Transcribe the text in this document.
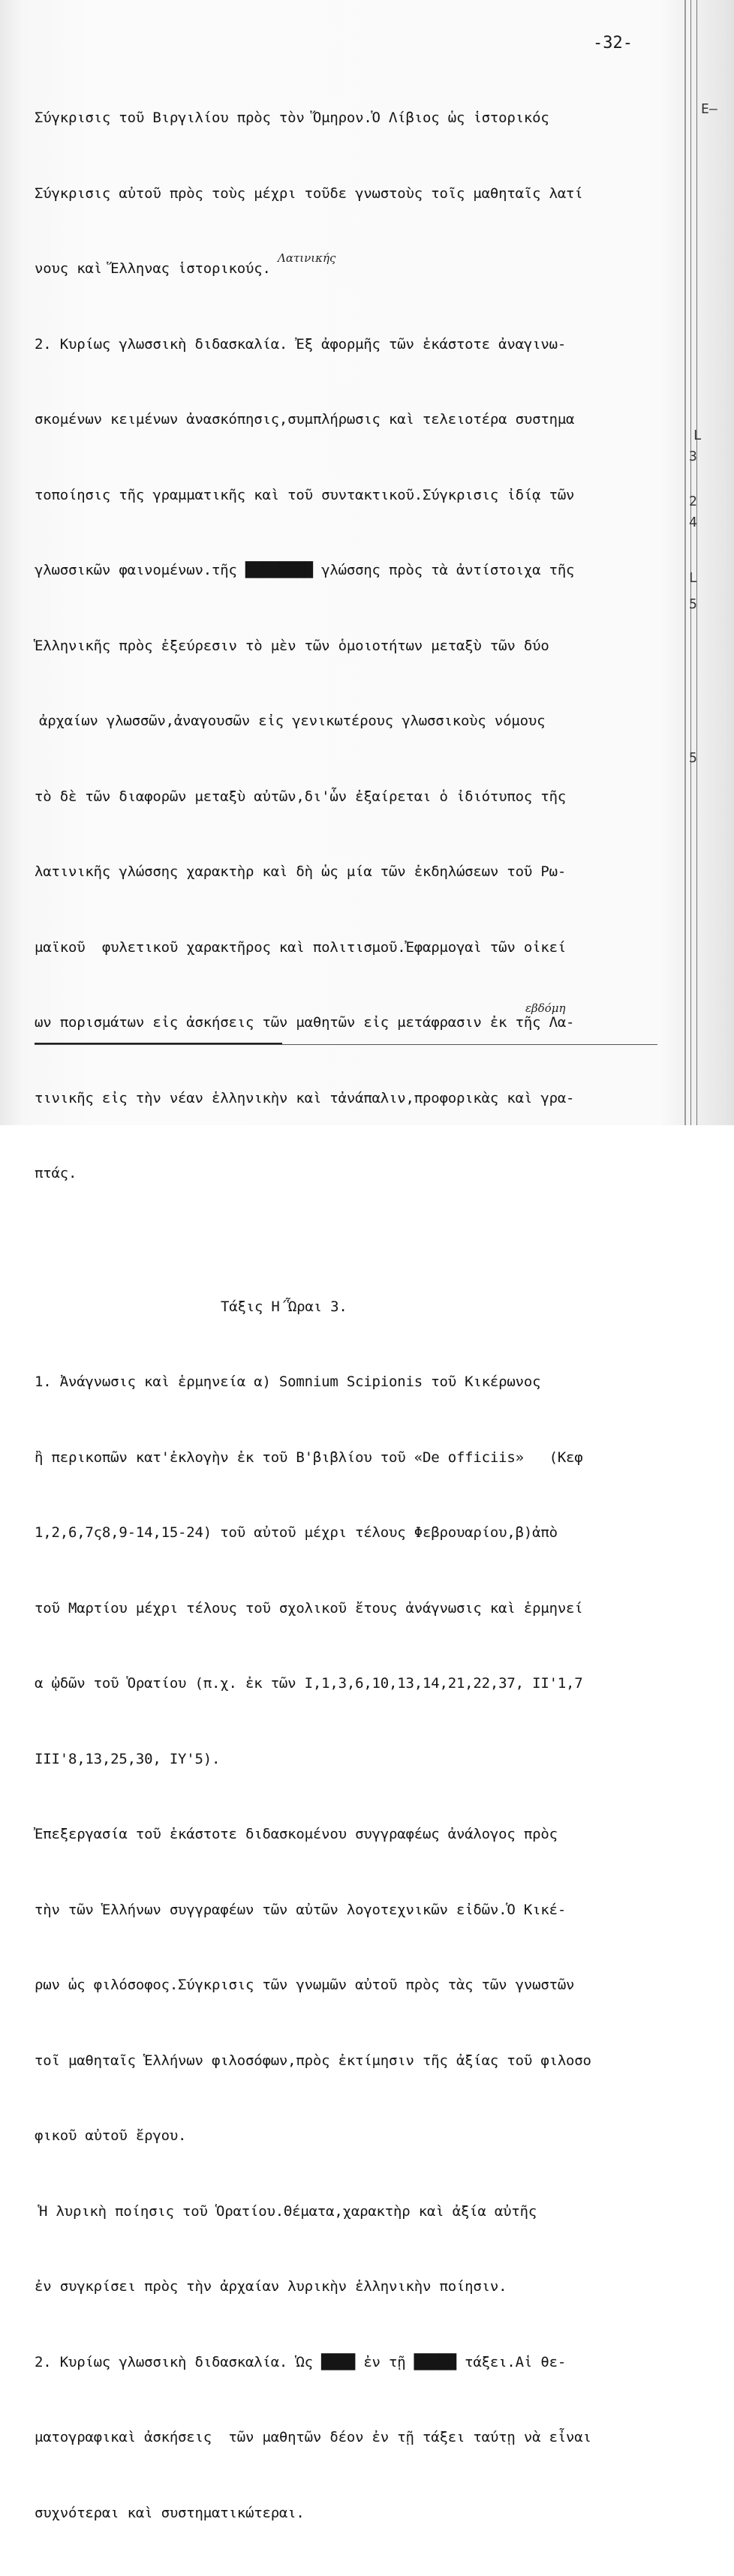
Ε—
L
3
2
4
L
5
5
-32-
Λατινικής
εβδόμη

Σύγκρισις τοῦ Βιργιλίου πρὸς τὸν Ὅμηρον.Ὁ Λίβιος ὡς ἱστορικός

Σύγκρισις αὐτοῦ πρὸς τοὺς μέχρι τοῦδε γνωστοὺς τοῖς μαθηταῖς λατί

νους καὶ Ἕλληνας ἱστορικούς.

2. Κυρίως γλωσσικὴ διδασκαλία. Ἐξ ἀφορμῆς τῶν ἑκάστοτε ἀναγινω-

σκομένων κειμένων ἀνασκόπησις,συμπλήρωσις καὶ τελειοτέρα συστημα

τοποίησις τῆς γραμματικῆς καὶ τοῦ συντακτικοῦ.Σύγκρισις ἰδίᾳ τῶν

γλωσσικῶν φαινομένων.τῆς ████████ γλώσσης πρὸς τὰ ἀντίστοιχα τῆς

Ἑλληνικῆς πρὸς ἐξεύρεσιν τὸ μὲν τῶν ὁμοιοτήτων μεταξὺ τῶν δύο

ἀρχαίων γλωσσῶν,ἀναγουσῶν εἰς γενικωτέρους γλωσσικοὺς νόμους

τὸ δὲ τῶν διαφορῶν μεταξὺ αὐτῶν,δι'ὧν ἐξαίρεται ὁ ἰδιότυπος τῆς

λατινικῆς γλώσσης χαρακτὴρ καὶ δὴ ὡς μία τῶν ἐκδηλώσεων τοῦ Ρω-

μαϊκοῦ  φυλετικοῦ χαρακτῆρος καὶ πολιτισμοῦ.Ἐφαρμογαὶ τῶν οἰκεί

ων πορισμάτων εἰς ἀσκήσεις τῶν μαθητῶν εἰς μετάφρασιν ἐκ τῆς Λα-

τινικῆς εἰς τὴν νέαν ἑλληνικὴν καὶ τἀνάπαλιν,προφορικὰς καὶ γρα-

πτάς.

Τάξις Η΄Ὧραι 3.

1. Ἀνάγνωσις καὶ ἑρμηνεία α) Somnium Scipionis τοῦ Κικέρωνος

ἢ περικοπῶν κατ'ἐκλογὴν ἐκ τοῦ Β'βιβλίου τοῦ «De officiis»   (Κεφ

1,2,6,7ς8,9-14,15-24) τοῦ αὐτοῦ μέχρι τέλους Φεβρουαρίου,β)ἀπὸ

τοῦ Μαρτίου μέχρι τέλους τοῦ σχολικοῦ ἔτους ἀνάγνωσις καὶ ἑρμηνεί

α ᾠδῶν τοῦ Ὁρατίου (π.χ. ἐκ τῶν Ι,1,3,6,10,13,14,21,22,37, ΙΙ'1,7

ΙΙΙ'8,13,25,30, ΙΥ'5).

Ἐπεξεργασία τοῦ ἑκάστοτε διδασκομένου συγγραφέως ἀνάλογος πρὸς

τὴν τῶν Ἑλλήνων συγγραφέων τῶν αὐτῶν λογοτεχνικῶν εἰδῶν.Ὁ Κικέ-

ρων ὡς φιλόσοφος.Σύγκρισις τῶν γνωμῶν αὐτοῦ πρὸς τὰς τῶν γνωστῶν

τοῖ μαθηταῖς Ἑλλήνων φιλοσόφων,πρὸς ἐκτίμησιν τῆς ἀξίας τοῦ φιλοσο

φικοῦ αὐτοῦ ἔργου.

Ἡ λυρικὴ ποίησις τοῦ Ὁρατίου.Θέματα,χαρακτὴρ καὶ ἀξία αὐτῆς

ἐν συγκρίσει πρὸς τὴν ἀρχαίαν λυρικὴν ἑλληνικὴν ποίησιν.

2. Κυρίως γλωσσικὴ διδασκαλία. Ὡς ████ ἐν τῇ █████ τάξει.Αἱ θε-

ματογραφικαὶ ἀσκήσεις  τῶν μαθητῶν δέον ἐν τῇ τάξει ταύτῃ νὰ εἶναι

συχνότεραι καὶ συστηματικώτεραι.
